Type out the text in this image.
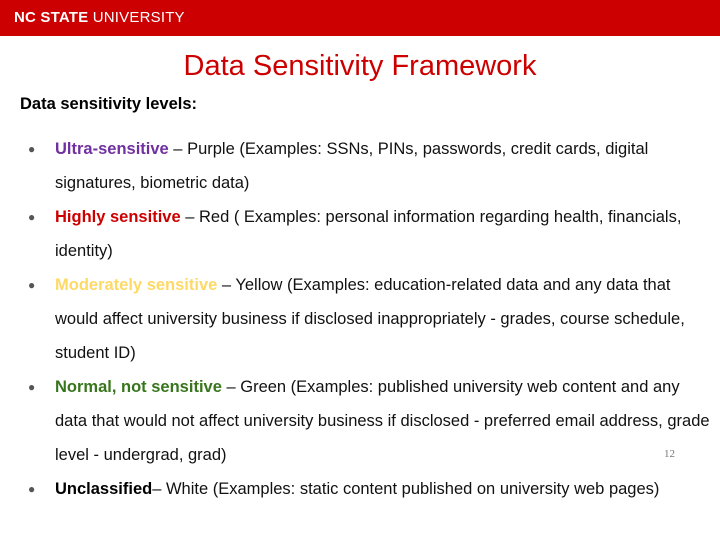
NC STATE UNIVERSITY
Data Sensitivity Framework
Data sensitivity levels:
● Ultra-sensitive – Purple (Examples: SSNs, PINs, passwords, credit cards, digital signatures, biometric data)
● Highly sensitive – Red ( Examples: personal information regarding health, financials, identity)
● Moderately sensitive – Yellow (Examples: education-related data and any data that would affect university business if disclosed inappropriately - grades, course schedule, student ID)
● Normal, not sensitive – Green (Examples: published university web content and any data that would not affect university business if disclosed - preferred email address, grade level - undergrad, grad)
● Unclassified– White (Examples: static content published on university web pages)
12
